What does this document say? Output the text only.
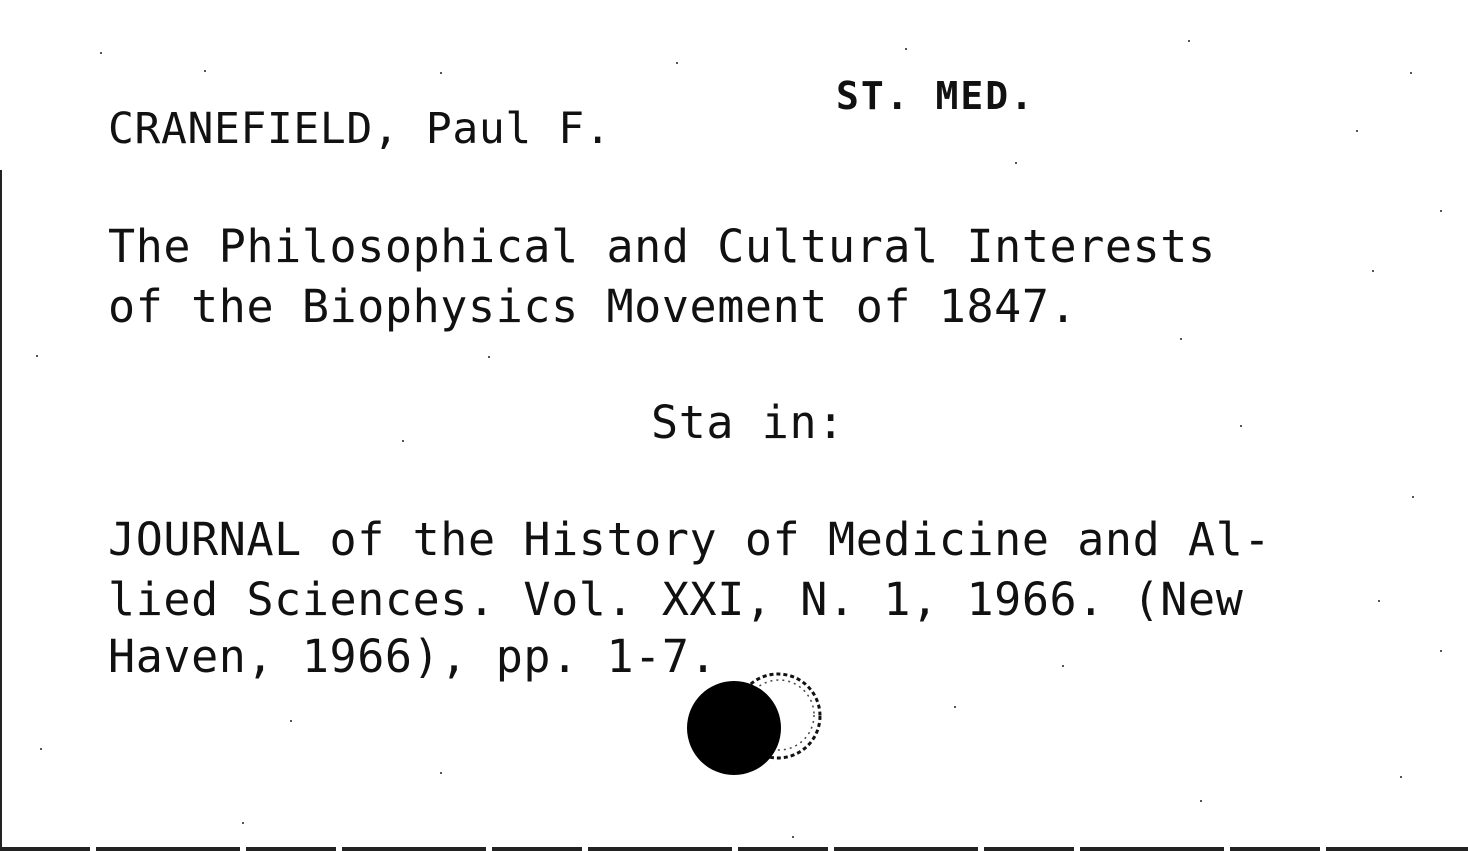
ST. MED.
CRANEFIELD, Paul F.
The Philosophical and Cultural Interests
of the Biophysics Movement of 1847.
Sta in:
JOURNAL of the History of Medicine and Al-
lied Sciences. Vol. XXI, N. 1, 1966. (New
Haven, 1966), pp. 1-7.
